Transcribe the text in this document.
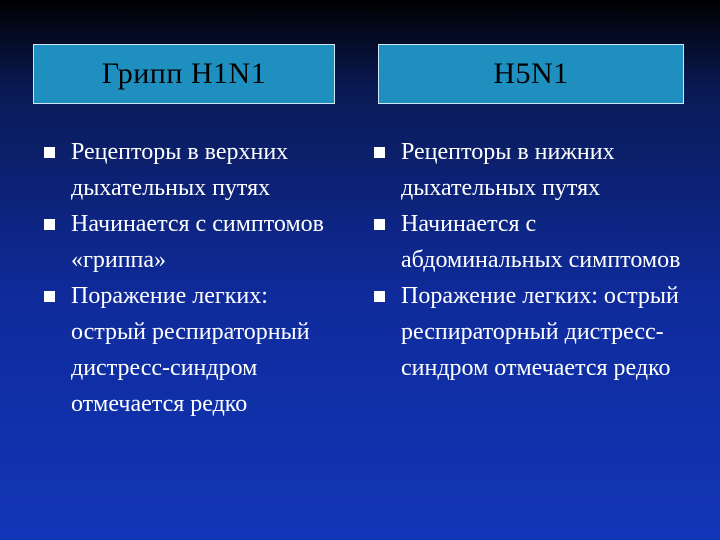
Грипп H1N1	H5N1
Рецепторы в верхних дыхательных путях
Начинается с симптомов «гриппа»
Поражение легких: острый респираторный дистресс-синдром отмечается редко
Рецепторы в нижних дыхательных путях
Начинается с абдоминальных симптомов
Поражение легких: острый респираторный дистресс-синдром отмечается редко
